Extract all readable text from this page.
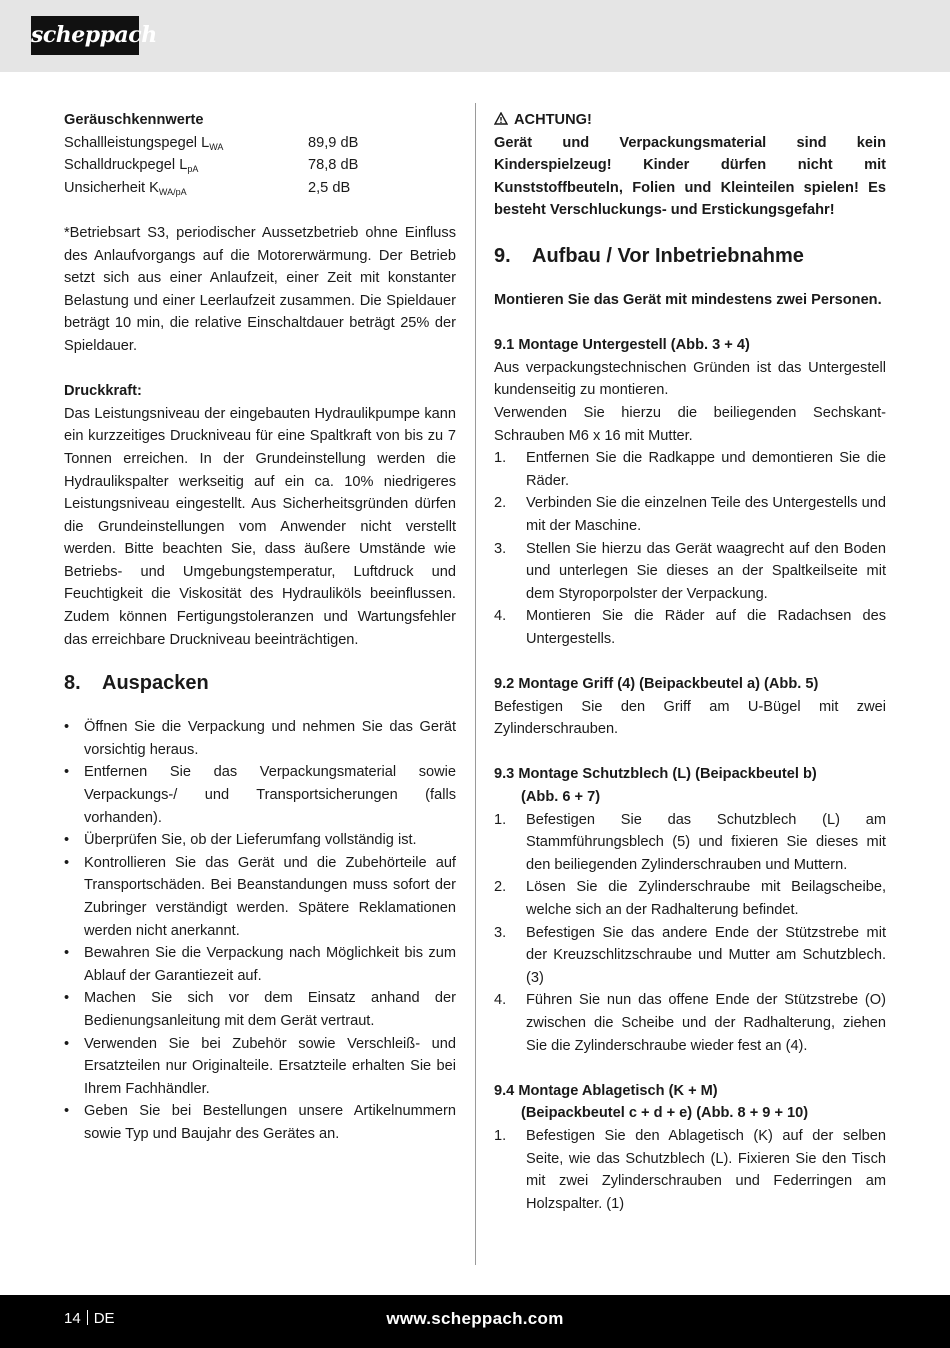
scheppach

Geräuschkennwerte

Schallleistungspegel $L_{WA}$	89,9 dB
Schalldruckpegel $L_{pA}$	78,8 dB
Unsicherheit $K_{WA/pA}$	2,5 dB

*Betriebsart S3, periodischer Aussetzbetrieb ohne Einfluss des Anlaufvorgangs auf die Motorerwärmung. Der Betrieb setzt sich aus einer Anlaufzeit, einer Zeit mit konstanter Belastung und einer Leerlaufzeit zusammen. Die Spieldauer beträgt 10 min, die relative Einschaltdauer beträgt 25% der Spieldauer.

Druckkraft:

Das Leistungsniveau der eingebauten Hydraulikpumpe kann ein kurzzeitiges Druckniveau für eine Spaltkraft von bis zu 7 Tonnen erreichen. In der Grundeinstellung werden die Hydraulikspalter werkseitig auf ein ca. 10% niedrigeres Leistungsniveau eingestellt. Aus Sicherheitsgründen dürfen die Grundeinstellungen vom Anwender nicht verstellt werden. Bitte beachten Sie, dass äußere Umstände wie Betriebs- und Umgebungstemperatur, Luftdruck und Feuchtigkeit die Viskosität des Hydrauliköls beeinflussen. Zudem können Fertigungstoleranzen und Wartungsfehler das erreichbare Druckniveau beeinträchtigen.

8.	Auspacken
• Öffnen Sie die Verpackung und nehmen Sie das Gerät vorsichtig heraus.
• Entfernen Sie das Verpackungsmaterial sowie Verpackungs-/ und Transportsicherungen (falls vorhanden).
• Überprüfen Sie, ob der Lieferumfang vollständig ist.
• Kontrollieren Sie das Gerät und die Zubehörteile auf Transportschäden. Bei Beanstandungen muss sofort der Zubringer verständigt werden. Spätere Reklamationen werden nicht anerkannt.
• Bewahren Sie die Verpackung nach Möglichkeit bis zum Ablauf der Garantiezeit auf.
• Machen Sie sich vor dem Einsatz anhand der Bedienungsanleitung mit dem Gerät vertraut.
• Verwenden Sie bei Zubehör sowie Verschleiß- und Ersatzteilen nur Originalteile. Ersatzteile erhalten Sie bei Ihrem Fachhändler.
• Geben Sie bei Bestellungen unsere Artikelnummern sowie Typ und Baujahr des Gerätes an.

ACHTUNG!

Gerät und Verpackungsmaterial sind kein Kinderspielzeug! Kinder dürfen nicht mit Kunststoffbeuteln, Folien und Kleinteilen spielen! Es besteht Verschluckungs- und Erstickungsgefahr!

9.	Aufbau / Vor Inbetriebnahme

Montieren Sie das Gerät mit mindestens zwei Personen.

9.1 Montage Untergestell (Abb. 3 + 4)

Aus verpackungstechnischen Gründen ist das Untergestell kundenseitig zu montieren.

Verwenden Sie hierzu die beiliegenden Sechskant-Schrauben M6 x 16 mit Mutter.

1.	Entfernen Sie die Radkappe und demontieren Sie die Räder.
2.	Verbinden Sie die einzelnen Teile des Untergestells und mit der Maschine.
3.	Stellen Sie hierzu das Gerät waagrecht auf den Boden und unterlegen Sie dieses an der Spaltkeilseite mit dem Styroporpolster der Verpackung.
4.	Montieren Sie die Räder auf die Radachsen des Untergestells.

9.2 Montage Griff (4) (Beipackbeutel a) (Abb. 5)

Befestigen Sie den Griff am U-Bügel mit zwei Zylinderschrauben.

9.3 Montage Schutzblech (L) (Beipackbeutel b)

(Abb. 6 + 7)

1.	Befestigen Sie das Schutzblech (L) am Stammführungsblech (5) und fixieren Sie dieses mit den beiliegenden Zylinderschrauben und Muttern.
2.	Lösen Sie die Zylinderschraube mit Beilagscheibe, welche sich an der Radhalterung befindet.
3.	Befestigen Sie das andere Ende der Stützstrebe mit der Kreuzschlitzschraube und Mutter am Schutzblech. (3)
4.	Führen Sie nun das offene Ende der Stützstrebe (O) zwischen die Scheibe und der Radhalterung, ziehen Sie die Zylinderschraube wieder fest an (4).

9.4 Montage Ablagetisch (K + M)

(Beipackbeutel c + d + e) (Abb. 8 + 9 + 10)

1.	Befestigen Sie den Ablagetisch (K) auf der selben Seite, wie das Schutzblech (L). Fixieren Sie den Tisch mit zwei Zylinderschrauben und Federringen am Holzspalter. (1)
14 DE	www.scheppach.com
